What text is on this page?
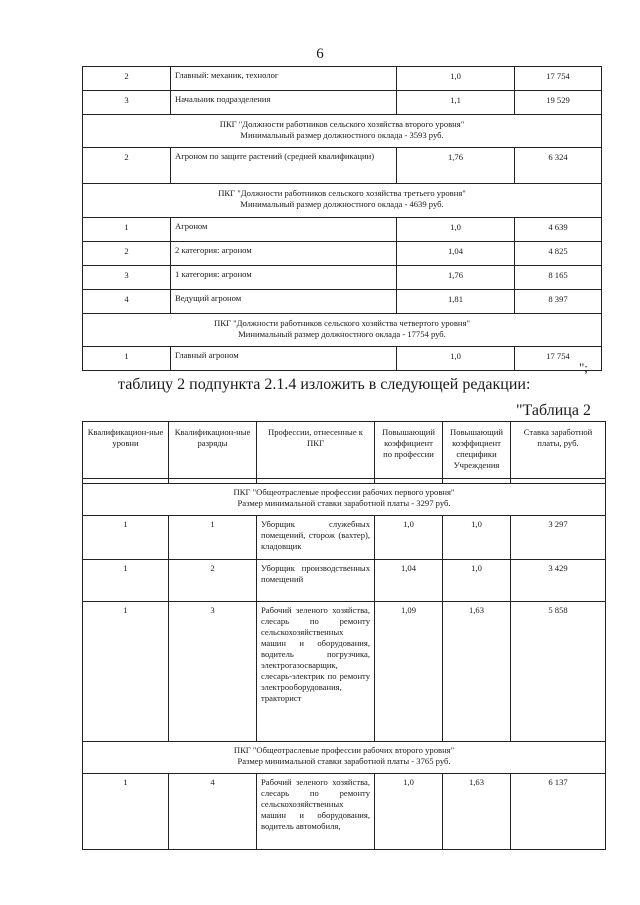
6
2	Главный: механик, технолог	1,0	17 754
3	Начальник подразделения	1,1	19 529

ПКГ "Должности работников сельского хозяйства второго уровня"
Минимальный размер должностного оклада - 3593 руб.			

2	Агроном по защите растений (средней квалификации)	1,76	6 324

ПКГ "Должности работников сельского хозяйства третьего уровня"
Минимальный размер должностного оклада - 4639 руб.			

1	Агроном	1,0	4 639
2	2 категория: агроном	1,04	4 825
3	1 категория: агроном	1,76	8 165
4	Ведущий агроном	1,81	8 397

ПКГ "Должности работников сельского хозяйства четвертого уровня"
Минимальный размер должностного оклада - 17754 руб.			

1	Главный агроном	1,0	17 754
";
таблицу 2 подпункта 2.1.4 изложить в следующей редакции:
"Таблица 2
Квалификацион-ные уровни	Квалификацион-ные разряды	Профессии, отнесенные к ПКГ	Повышающий коэффициент по профессии	Повышающий коэффициент специфики Учреждения	Ставка заработной платы, руб.

ПКГ "Общеотраслевые профессии рабочих первого уровня"
Размер минимальной ставки заработной платы - 3297 руб.					

1	1	Уборщик служебных помещений, сторож (вахтер), кладовщик	1,0	1,0	3 297
1	2	Уборщик производственных помещений	1,04	1,0	3 429
1	3	Рабочий зеленого хозяйства, слесарь по ремонту сельскохозяйственных машин и оборудования, водитель погрузчика, электрогазосварщик, слесарь-электрик по ремонту электрооборудования, тракторист	1,09	1,63	5 858

ПКГ "Общеотраслевые профессии рабочих второго уровня"
Размер минимальной ставки заработной платы - 3765 руб.					

1	4	Рабочий зеленого хозяйства, слесарь по ремонту сельскохозяйственных машин и оборудования, водитель автомобиля,	1,0	1,63	6 137
